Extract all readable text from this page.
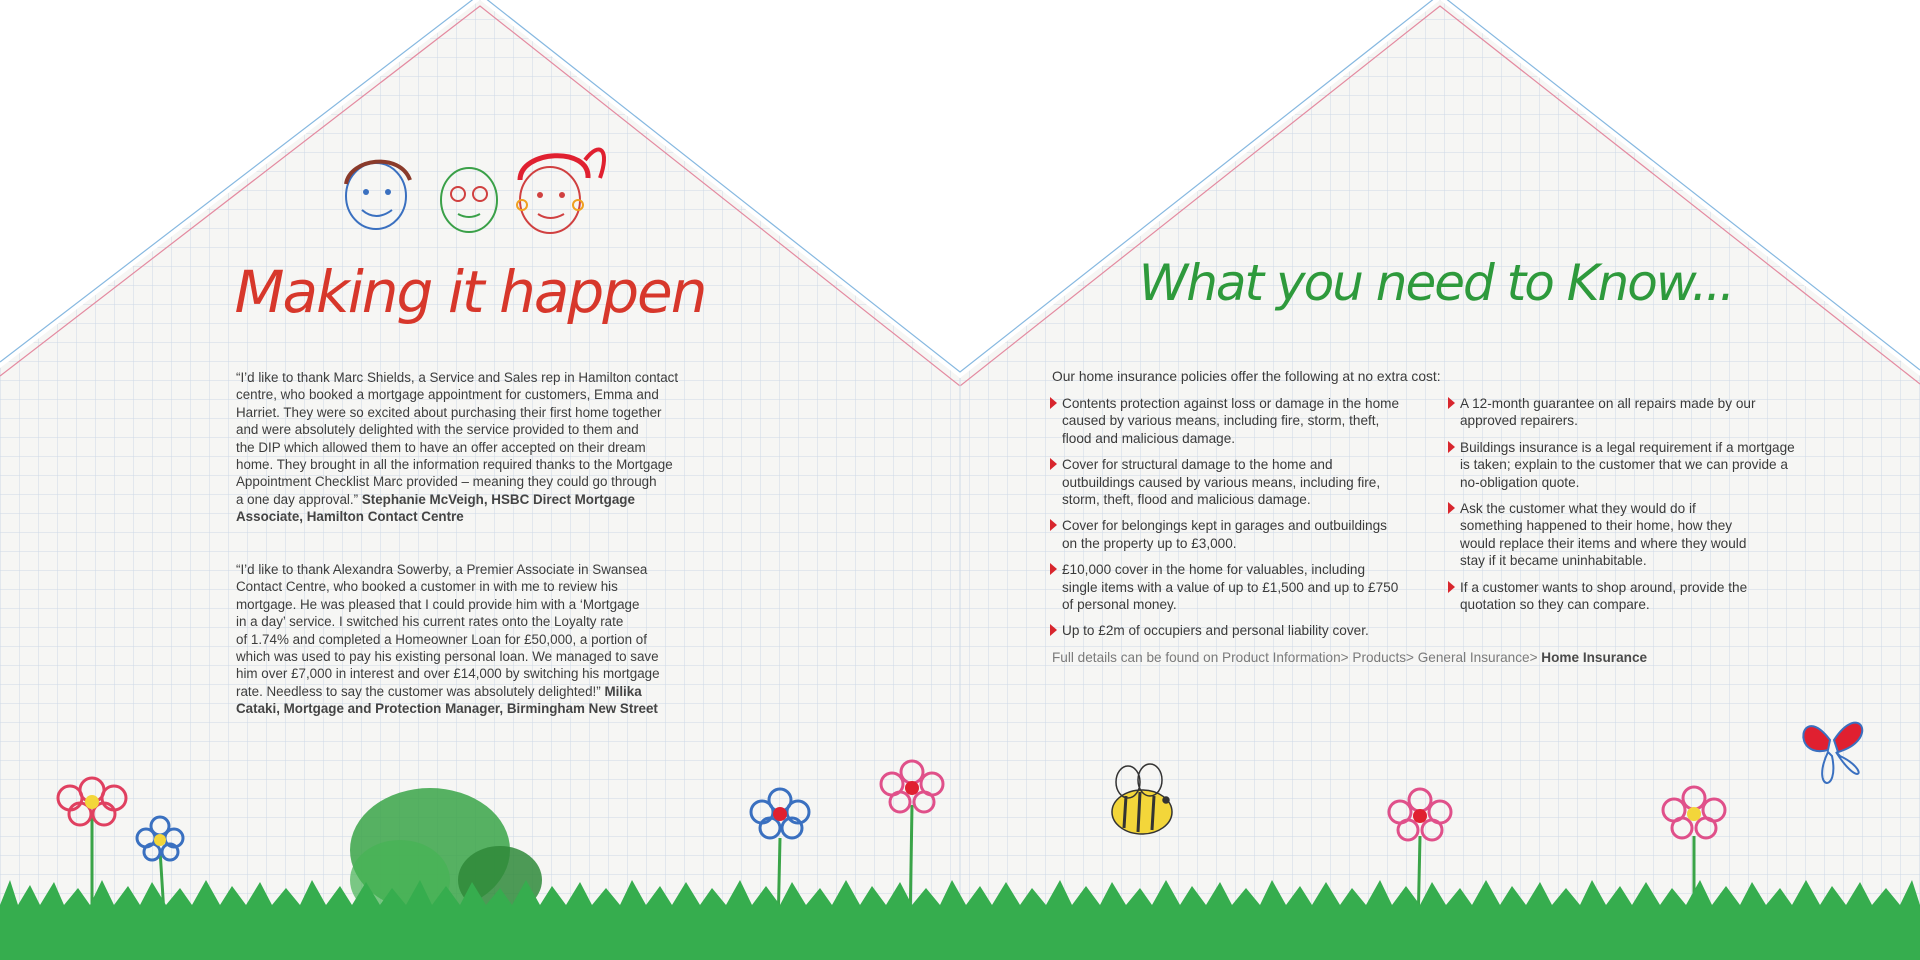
Making it happen	What you need to Know...

“I’d like to thank Marc Shields, a Service and Sales rep in Hamilton contact
centre, who booked a mortgage appointment for customers, Emma and
Harriet. They were so excited about purchasing their first home together
and were absolutely delighted with the service provided to them and
the DIP which allowed them to have an offer accepted on their dream
home. They brought in all the information required thanks to the Mortgage
Appointment Checklist Marc provided – meaning they could go through
a one day approval.” Stephanie McVeigh, HSBC Direct Mortgage
Associate, Hamilton Contact Centre

“I’d like to thank Alexandra Sowerby, a Premier Associate in Swansea
Contact Centre, who booked a customer in with me to review his
mortgage. He was pleased that I could provide him with a ‘Mortgage
in a day’ service. I switched his current rates onto the Loyalty rate
of 1.74% and completed a Homeowner Loan for £50,000, a portion of
which was used to pay his existing personal loan. We managed to save
him over £7,000 in interest and over £14,000 by switching his mortgage
rate. Needless to say the customer was absolutely delighted!” Milika
Cataki, Mortgage and Protection Manager, Birmingham New Street

Our home insurance policies offer the following at no extra cost:

Contents protection against loss or damage in the home
caused by various means, including fire, storm, theft,
flood and malicious damage.
Cover for structural damage to the home and
outbuildings caused by various means, including fire,
storm, theft, flood and malicious damage.
Cover for belongings kept in garages and outbuildings
on the property up to £3,000.
£10,000 cover in the home for valuables, including
single items with a value of up to £1,500 and up to £750
of personal money.
Up to £2m of occupiers and personal liability cover.
A 12-month guarantee on all repairs made by our
approved repairers.
Buildings insurance is a legal requirement if a mortgage
is taken; explain to the customer that we can provide a
no-obligation quote.
Ask the customer what they would do if
something happened to their home, how they
would replace their items and where they would
stay if it became uninhabitable.
If a customer wants to shop around, provide the
quotation so they can compare.

Full details can be found on Product Information> Products> General Insurance> Home Insurance
